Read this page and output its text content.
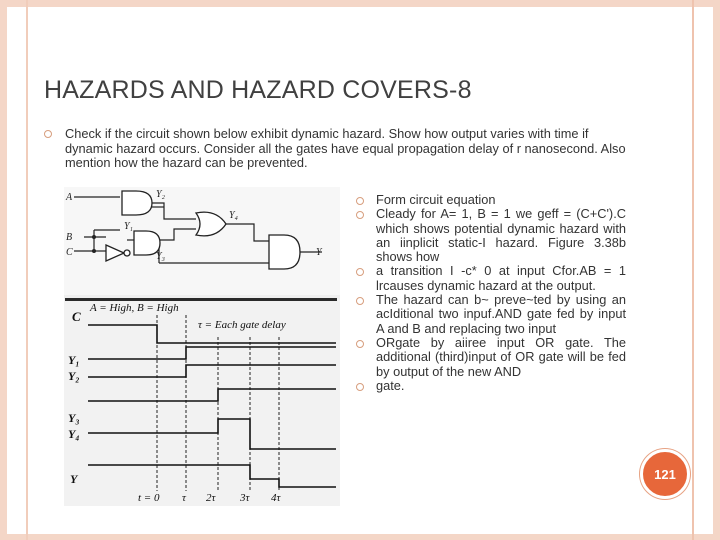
HAZARDS AND HAZARD COVERS-8
Check if the circuit shown below exhibit dynamic hazard. Show how output varies with time if dynamic hazard occurs. Consider all the gates have equal propagation delay of r nanosecond. Also mention how the hazard can be prevented.
A
B
C
Y₂
Y₄
Y₁
Y₃	Y
A = High, B = High
τ = Each gate delay
C
Y₁
Y₂
Y₃
Y₄
Y
t = 0 τ 2τ 3τ 4τ
Form circuit equation
Cleady for A= 1, B = 1 we geff = (C+C').C which shows potential dynamic hazard with an iinplicit static-I hazard. Figure 3.38b shows how
a transition I -c* 0 at input Cfor.AB = 1 lrcauses dynamic hazard at the output.
The hazard can b~ preve~ted by using an acIditional two inpuf.AND gate fed by input A and B and replacing two input
ORgate by aiiree input OR gate. The additional (third)input of OR gate will be fed by output of the new AND
gate.
121
